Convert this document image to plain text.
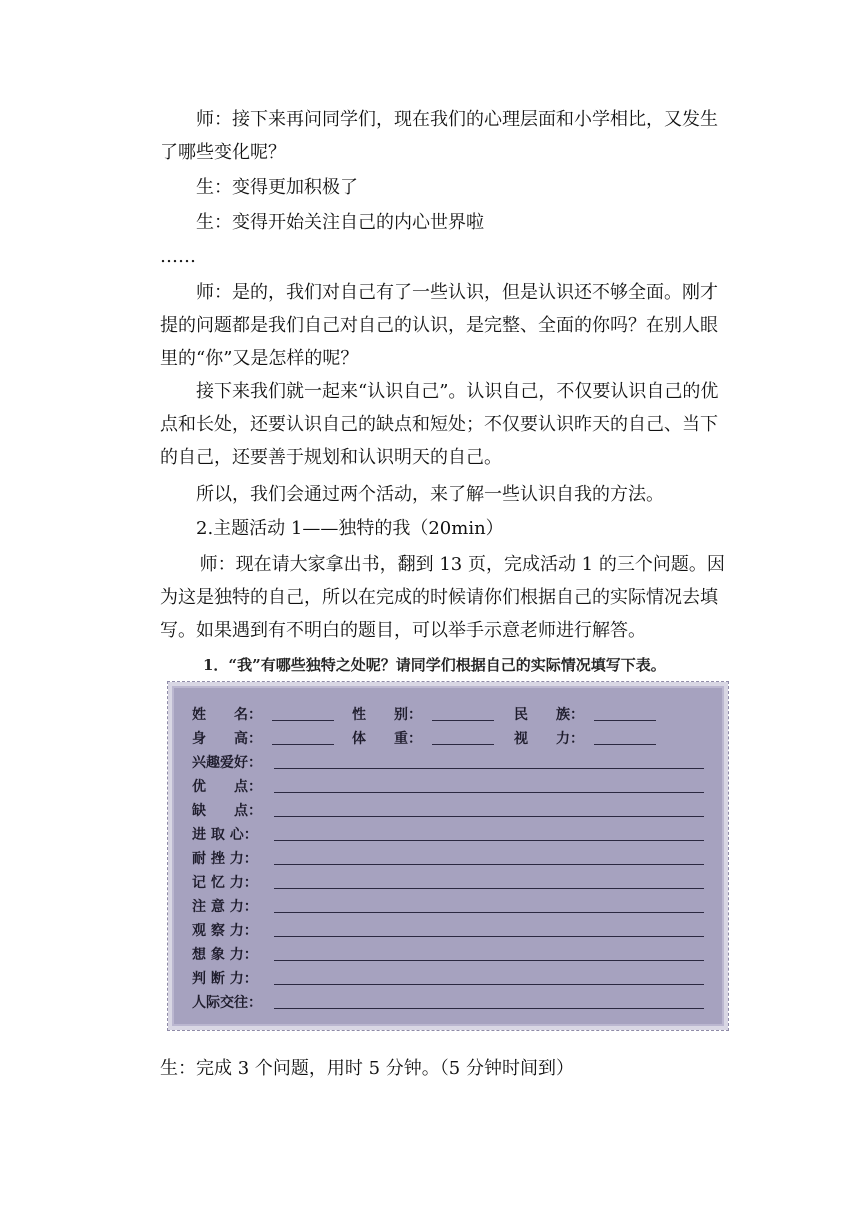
师：接下来再问同学们，现在我们的心理层面和小学相比，又发生了哪些变化呢？

生：变得更加积极了

生：变得开始关注自己的内心世界啦

……

师：是的，我们对自己有了一些认识，但是认识还不够全面。刚才提的问题都是我们自己对自己的认识，是完整、全面的你吗？在别人眼里的“你”又是怎样的呢？

接下来我们就一起来“认识自己”。认识自己，不仅要认识自己的优点和长处，还要认识自己的缺点和短处；不仅要认识昨天的自己、当下的自己，还要善于规划和认识明天的自己。

所以，我们会通过两个活动，来了解一些认识自我的方法。

2.主题活动 1——独特的我（20min）

师：现在请大家拿出书，翻到 13 页，完成活动 1 的三个问题。因为这是独特的自己，所以在完成的时候请你们根据自己的实际情况去填写。如果遇到有不明白的题目，可以举手示意老师进行解答。

1．“我”有哪些独特之处呢？请同学们根据自己的实际情况填写下表。
姓　　名：	性　　别：	民　　族：
身　　高：	体　　重：	视　　力：
兴趣爱好：
优　　点：
缺　　点：
进 取 心：
耐 挫 力：
记 忆 力：
注 意 力：
观 察 力：
想 象 力：
判 断 力：
人际交往：

生：完成 3 个问题，用时 5 分钟。（5 分钟时间到）
